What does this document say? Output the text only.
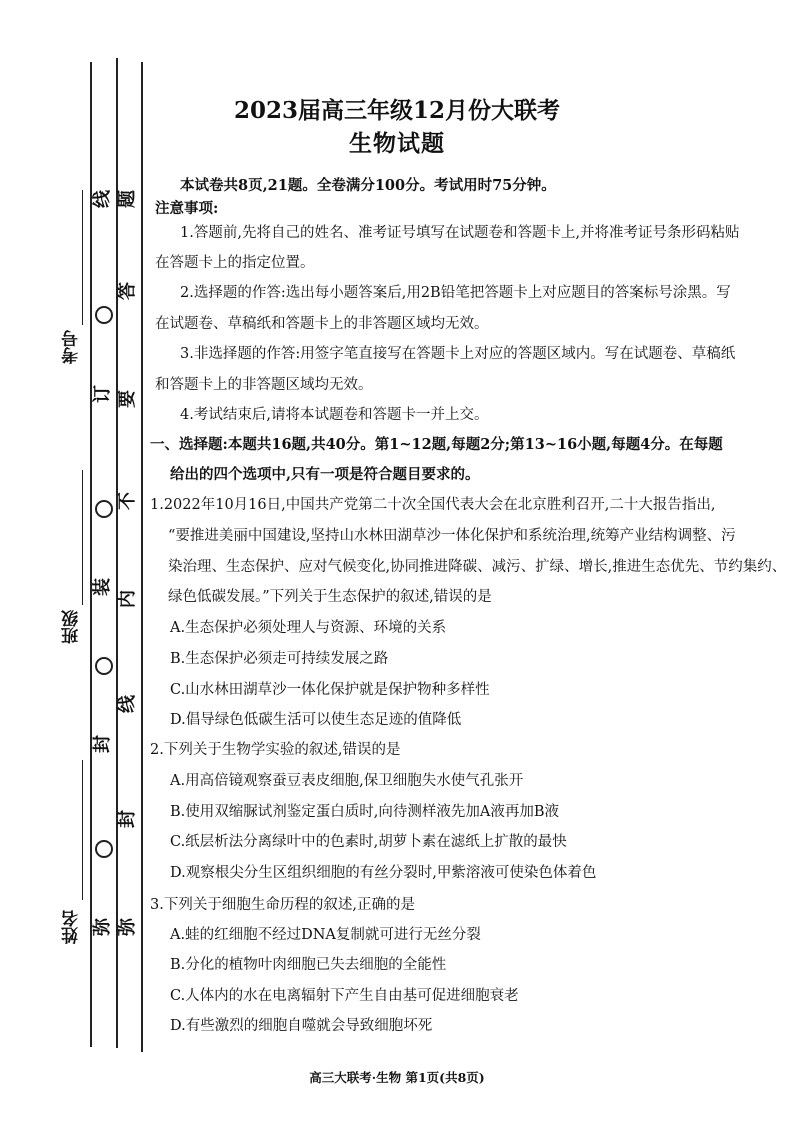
考号
班级
姓名
线
订
装
封
弥
题
答
要
不
内
线
封
弥
2023届高三年级12月份大联考
生物试题
本试卷共8页,21题。全卷满分100分。考试用时75分钟。
注意事项:
1.答题前,先将自己的姓名、准考证号填写在试题卷和答题卡上,并将准考证号条形码粘贴
在答题卡上的指定位置。
2.选择题的作答:选出每小题答案后,用2B铅笔把答题卡上对应题目的答案标号涂黑。写
在试题卷、草稿纸和答题卡上的非答题区域均无效。
3.非选择题的作答:用签字笔直接写在答题卡上对应的答题区域内。写在试题卷、草稿纸
和答题卡上的非答题区域均无效。
4.考试结束后,请将本试题卷和答题卡一并上交。
一、选择题:本题共16题,共40分。第1~12题,每题2分;第13~16小题,每题4分。在每题
给出的四个选项中,只有一项是符合题目要求的。
1.2022年10月16日,中国共产党第二十次全国代表大会在北京胜利召开,二十大报告指出,
“要推进美丽中国建设,坚持山水林田湖草沙一体化保护和系统治理,统筹产业结构调整、污
染治理、生态保护、应对气候变化,协同推进降碳、减污、扩绿、增长,推进生态优先、节约集约、
绿色低碳发展。”下列关于生态保护的叙述,错误的是
A.生态保护必须处理人与资源、环境的关系
B.生态保护必须走可持续发展之路
C.山水林田湖草沙一体化保护就是保护物种多样性
D.倡导绿色低碳生活可以使生态足迹的值降低
2.下列关于生物学实验的叙述,错误的是
A.用高倍镜观察蚕豆表皮细胞,保卫细胞失水使气孔张开
B.使用双缩脲试剂鉴定蛋白质时,向待测样液先加A液再加B液
C.纸层析法分离绿叶中的色素时,胡萝卜素在滤纸上扩散的最快
D.观察根尖分生区组织细胞的有丝分裂时,甲紫溶液可使染色体着色
3.下列关于细胞生命历程的叙述,正确的是
A.蛙的红细胞不经过DNA复制就可进行无丝分裂
B.分化的植物叶肉细胞已失去细胞的全能性
C.人体内的水在电离辐射下产生自由基可促进细胞衰老
D.有些激烈的细胞自噬就会导致细胞坏死
高三大联考·生物 第1页(共8页)
